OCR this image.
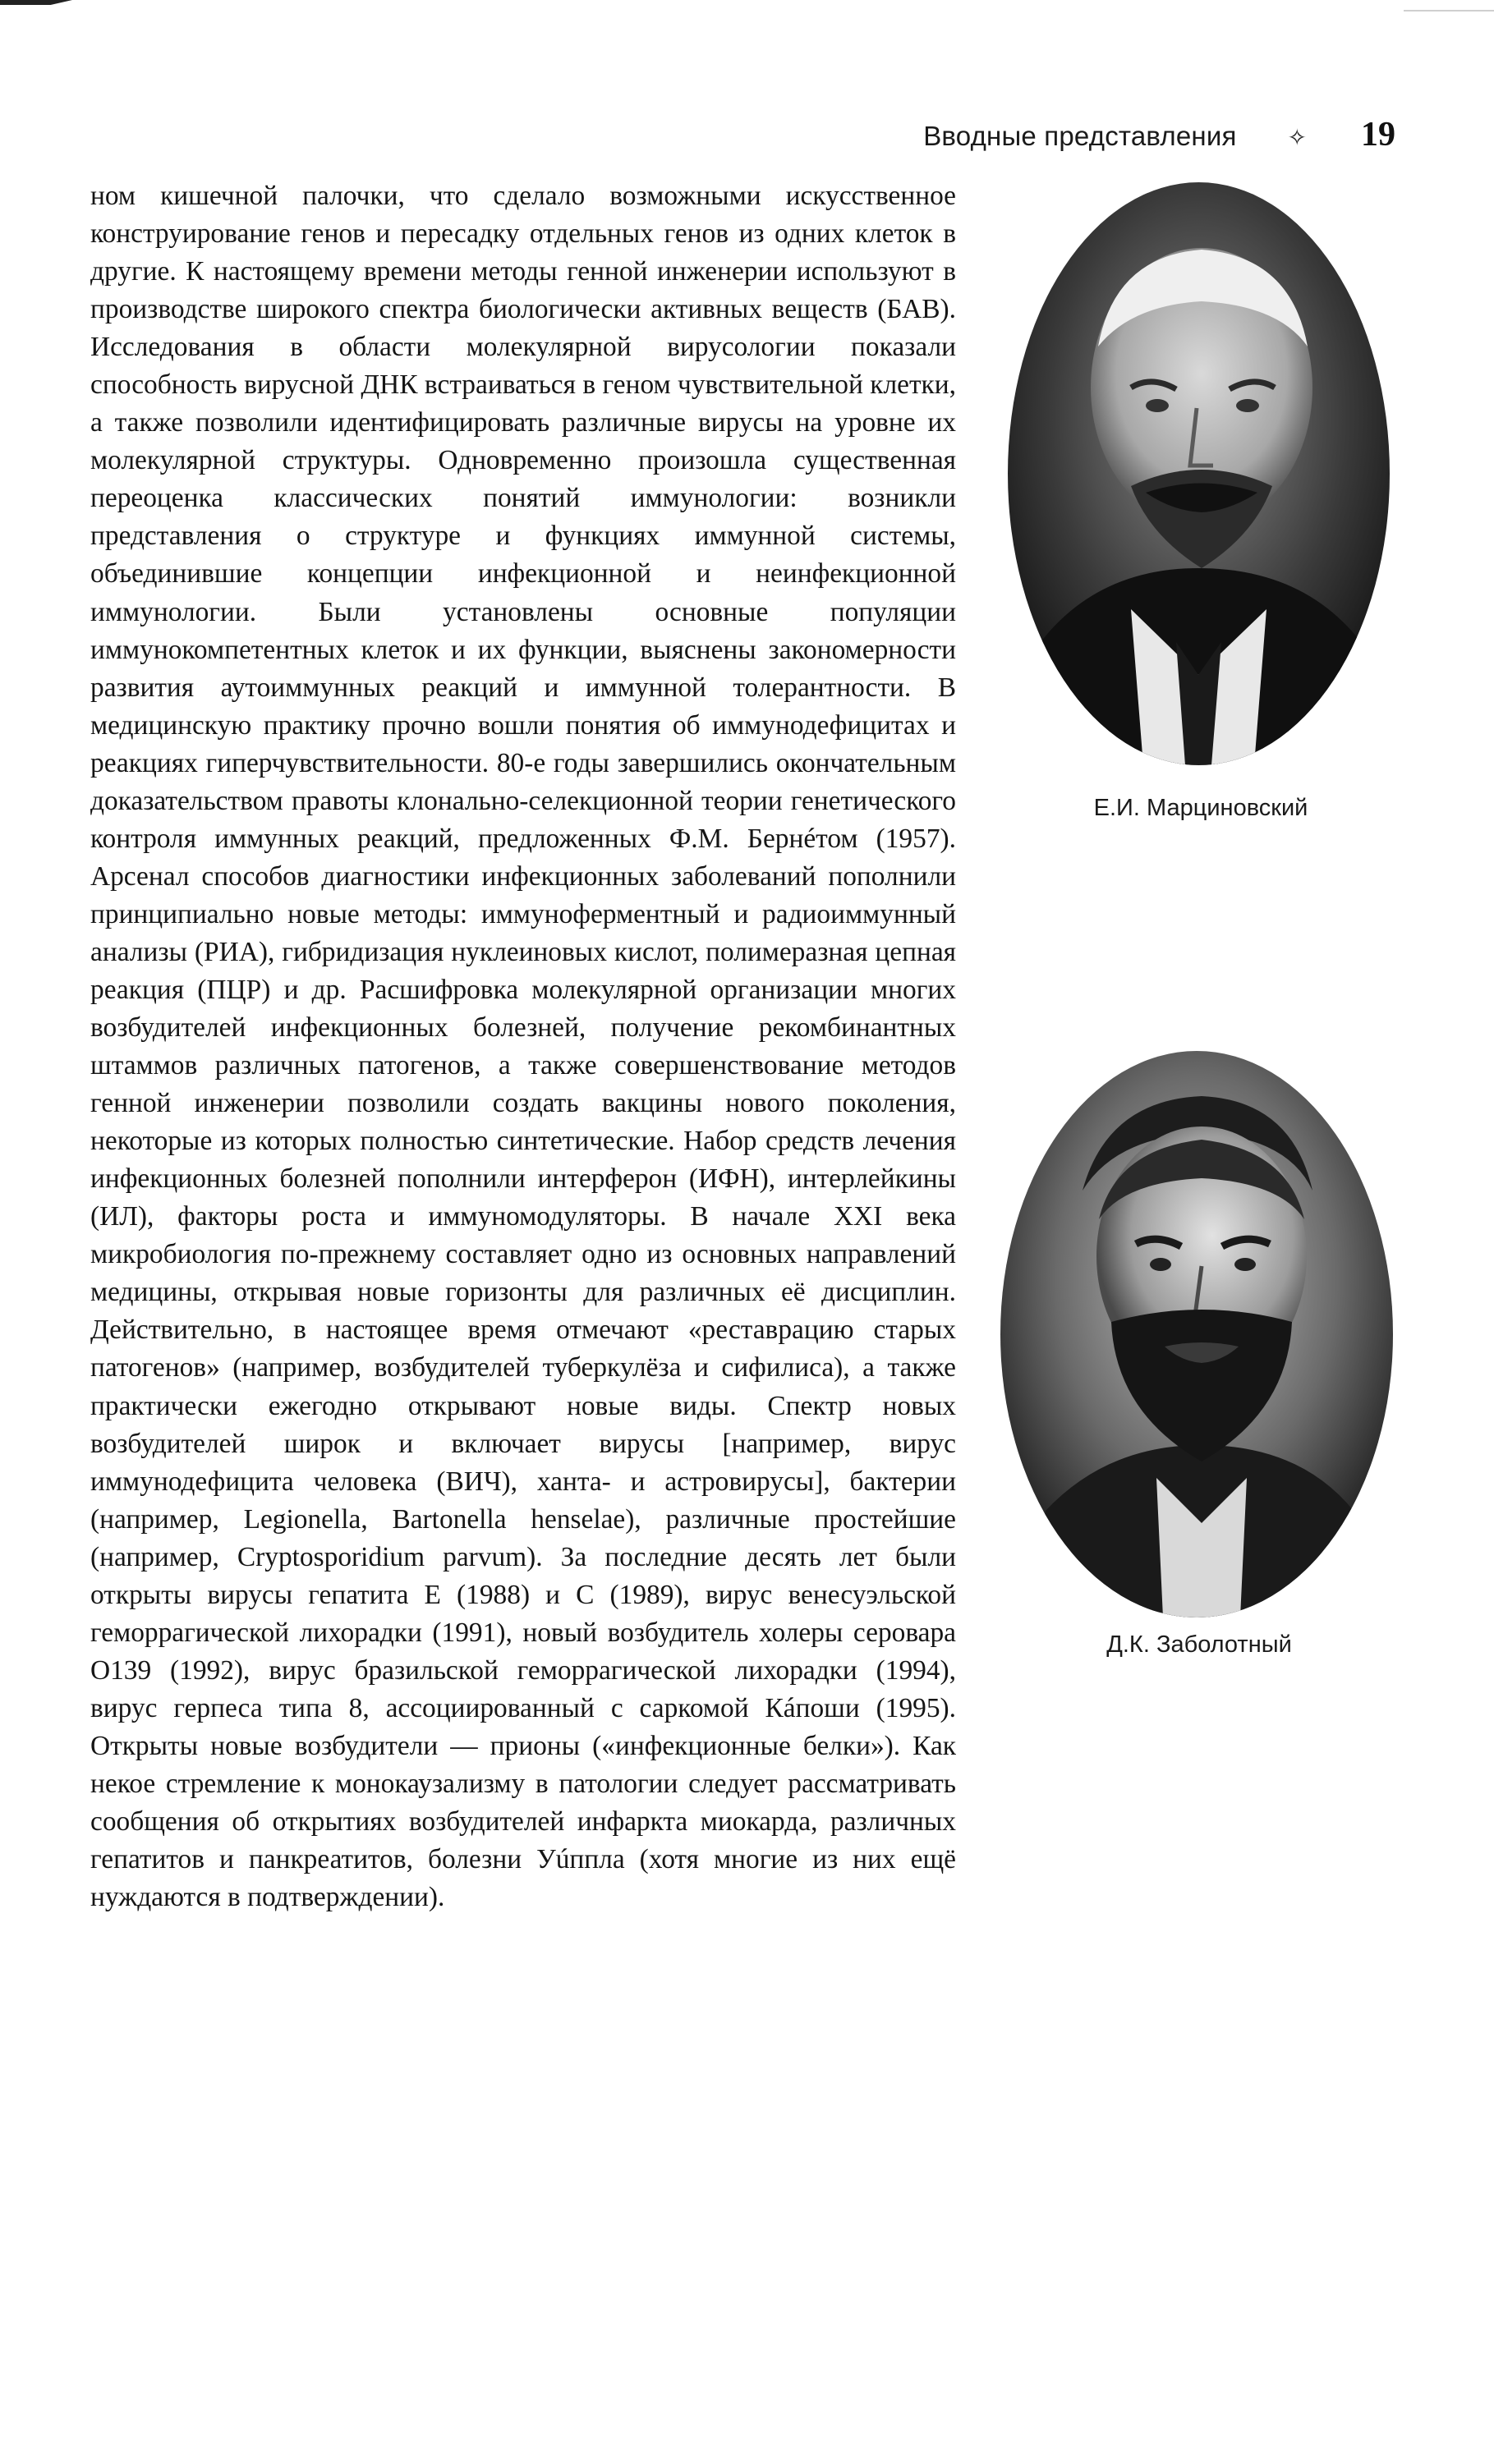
Вводные представления ✧ 19

ном кишечной палочки, что сделало возможными искусственное конструирование генов и пересадку отдельных генов из одних клеток в другие. К настоящему времени методы генной инженерии используют в производстве широкого спектра биологически активных веществ (БАВ). Исследования в области молекулярной вирусологии показали способность вирусной ДНК встраиваться в геном чувствительной клетки, а также позволили идентифицировать различные вирусы на уровне их молекулярной структуры. Одновременно произошла существенная переоценка классических понятий иммунологии: возникли представления о структуре и функциях иммунной системы, объединившие концепции инфекционной и неинфекционной иммунологии. Были установлены основные популяции иммунокомпетентных клеток и их функции, выяснены закономерности развития аутоиммунных реакций и иммунной толерантности. В медицинскую практику прочно вошли понятия об иммунодефицитах и реакциях гиперчувствительности. 80-е годы завершились окончательным доказательством правоты клонально-селекционной теории генетического контроля иммунных реакций, предложенных Ф.М. Бернéтом (1957). Арсенал способов диагностики инфекционных заболеваний пополнили принципиально новые методы: иммуноферментный и радиоиммунный анализы (РИА), гибридизация нуклеиновых кислот, полимеразная цепная реакция (ПЦР) и др. Расшифровка молекулярной организации многих возбудителей инфекционных болезней, получение рекомбинантных штаммов различных патогенов, а также совершенствование методов генной инженерии позволили создать вакцины нового поколения, некоторые из которых полностью синтетические. Набор средств лечения инфекционных болезней пополнили интерферон (ИФН), интерлейкины (ИЛ), факторы роста и иммуномодуляторы. В начале XXI века микробиология по-прежнему составляет одно из основных направлений медицины, открывая новые горизонты для различных её дисциплин. Действительно, в настоящее время отмечают «реставрацию старых патогенов» (например, возбудителей туберкулёза и сифилиса), а также практически ежегодно открывают новые виды. Спектр новых возбудителей широк и включает вирусы [например, вирус иммунодефицита человека (ВИЧ), ханта- и астровирусы], бактерии (например, Legionella, Bartonella henselae), различные простейшие (например, Cryptosporidium parvum). За последние десять лет были открыты вирусы гепатита Е (1988) и С (1989), вирус венесуэльской геморрагической лихорадки (1991), новый возбудитель холеры серовара О139 (1992), вирус бразильской геморрагической лихорадки (1994), вирус герпеса типа 8, ассоциированный с саркомой Кáпоши (1995). Открыты новые возбудители — прионы («инфекционные белки»). Как некое стремление к монокаузализму в патологии следует рассматривать сообщения об открытиях возбудителей инфаркта миокарда, различных гепатитов и панкреатитов, болезни Уúппла (хотя многие из них ещё нуждаются в подтверждении).

Е.И. Марциновский
Д.К. Заболотный
